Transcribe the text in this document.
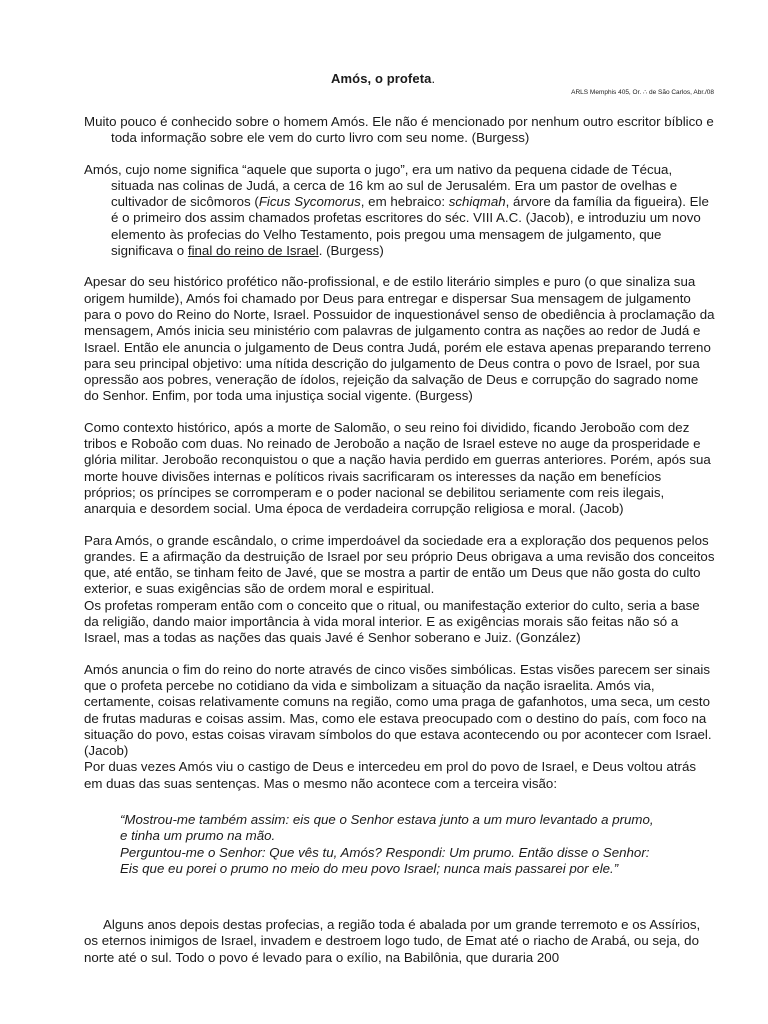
Amós, o profeta.
ARLS Memphis 405, Or. ∴ de São Carlos, Abr./08

Muito pouco é conhecido sobre o homem Amós. Ele não é mencionado por nenhum outro escritor bíblico e toda informação sobre ele vem do curto livro com seu nome. (Burgess)

Amós, cujo nome significa “aquele que suporta o jugo”, era um nativo da pequena cidade de Técua, situada nas colinas de Judá, a cerca de 16 km ao sul de Jerusalém. Era um pastor de ovelhas e cultivador de sicômoros (Ficus Sycomorus, em hebraico: schiqmah, árvore da família da figueira). Ele é o primeiro dos assim chamados profetas escritores do séc. VIII A.C. (Jacob), e introduziu um novo elemento às profecias do Velho Testamento, pois pregou uma mensagem de julgamento, que significava o final do reino de Israel. (Burgess)

Apesar do seu histórico profético não-profissional, e de estilo literário simples e puro (o que sinaliza sua origem humilde), Amós foi chamado por Deus para entregar e dispersar Sua mensagem de julgamento para o povo do Reino do Norte, Israel. Possuidor de inquestionável senso de obediência à proclamação da mensagem, Amós inicia seu ministério com palavras de julgamento contra as nações ao redor de Judá e Israel. Então ele anuncia o julgamento de Deus contra Judá, porém ele estava apenas preparando terreno para seu principal objetivo: uma nítida descrição do julgamento de Deus contra o povo de Israel, por sua opressão aos pobres, veneração de ídolos, rejeição da salvação de Deus e corrupção do sagrado nome do Senhor. Enfim, por toda uma injustiça social vigente. (Burgess)

Como contexto histórico, após a morte de Salomão, o seu reino foi dividido, ficando Jeroboão com dez tribos e Roboão com duas. No reinado de Jeroboão a nação de Israel esteve no auge da prosperidade e glória militar. Jeroboão reconquistou o que a nação havia perdido em guerras anteriores. Porém, após sua morte houve divisões internas e políticos rivais sacrificaram os interesses da nação em benefícios próprios; os príncipes se corromperam e o poder nacional se debilitou seriamente com reis ilegais, anarquia e desordem social. Uma época de verdadeira corrupção religiosa e moral. (Jacob)

Para Amós, o grande escândalo, o crime imperdoável da sociedade era a exploração dos pequenos pelos grandes. E a afirmação da destruição de Israel por seu próprio Deus obrigava a uma revisão dos conceitos que, até então, se tinham feito de Javé, que se mostra a partir de então um Deus que não gosta do culto exterior, e suas exigências são de ordem moral e espiritual.

Os profetas romperam então com o conceito que o ritual, ou manifestação exterior do culto, seria a base da religião, dando maior importância à vida moral interior. E as exigências morais são feitas não só a Israel, mas a todas as nações das quais Javé é Senhor soberano e Juiz. (González)

Amós anuncia o fim do reino do norte através de cinco visões simbólicas. Estas visões parecem ser sinais que o profeta percebe no cotidiano da vida e simbolizam a situação da nação israelita. Amós via, certamente, coisas relativamente comuns na região, como uma praga de gafanhotos, uma seca, um cesto de frutas maduras e coisas assim. Mas, como ele estava preocupado com o destino do país, com foco na situação do povo, estas coisas viravam símbolos do que estava acontecendo ou por acontecer com Israel. (Jacob)

Por duas vezes Amós viu o castigo de Deus e intercedeu em prol do povo de Israel, e Deus voltou atrás em duas das suas sentenças. Mas o mesmo não acontece com a terceira visão:

“Mostrou-me também assim: eis que o Senhor estava junto a um muro levantado a prumo, e tinha um prumo na mão.

Perguntou-me o Senhor: Que vês tu, Amós? Respondi: Um prumo. Então disse o Senhor: Eis que eu porei o prumo no meio do meu povo Israel; nunca mais passarei por ele.”

Alguns anos depois destas profecias, a região toda é abalada por um grande terremoto e os Assírios, os eternos inimigos de Israel, invadem e destroem logo tudo, de Emat até o riacho de Arabá, ou seja, do norte até o sul. Todo o povo é levado para o exílio, na Babilônia, que duraria 200
